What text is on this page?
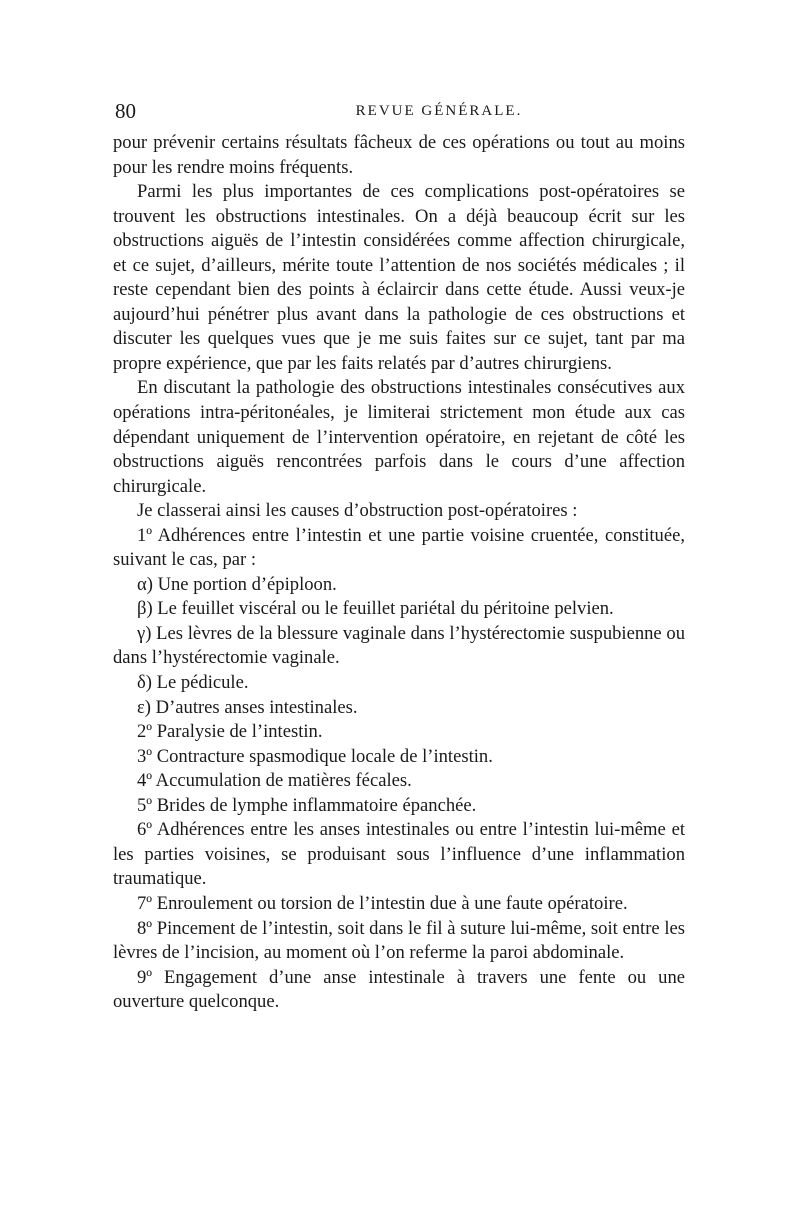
80	REVUE GÉNÉRALE.

pour prévenir certains résultats fâcheux de ces opérations ou tout au moins pour les rendre moins fréquents.

Parmi les plus importantes de ces complications post-opératoires se trouvent les obstructions intestinales. On a déjà beaucoup écrit sur les obstructions aiguës de l’intestin considérées comme affection chirurgicale, et ce sujet, d’ailleurs, mérite toute l’attention de nos sociétés médicales ; il reste cependant bien des points à éclaircir dans cette étude. Aussi veux-je aujourd’hui pénétrer plus avant dans la pathologie de ces obstructions et discuter les quelques vues que je me suis faites sur ce sujet, tant par ma propre expérience, que par les faits relatés par d’autres chirurgiens.

En discutant la pathologie des obstructions intestinales consécutives aux opérations intra-péritonéales, je limiterai strictement mon étude aux cas dépendant uniquement de l’intervention opératoire, en rejetant de côté les obstructions aiguës rencontrées parfois dans le cours d’une affection chirurgicale.

Je classerai ainsi les causes d’obstruction post-opératoires :

1º Adhérences entre l’intestin et une partie voisine cruentée, constituée, suivant le cas, par :

α) Une portion d’épiploon.

β) Le feuillet viscéral ou le feuillet pariétal du péritoine pelvien.

γ) Les lèvres de la blessure vaginale dans l’hystérectomie suspubienne ou dans l’hystérectomie vaginale.

δ) Le pédicule.

ε) D’autres anses intestinales.

2º Paralysie de l’intestin.

3º Contracture spasmodique locale de l’intestin.

4º Accumulation de matières fécales.

5º Brides de lymphe inflammatoire épanchée.

6º Adhérences entre les anses intestinales ou entre l’intestin lui-même et les parties voisines, se produisant sous l’influence d’une inflammation traumatique.

7º Enroulement ou torsion de l’intestin due à une faute opératoire.

8º Pincement de l’intestin, soit dans le fil à suture lui-même, soit entre les lèvres de l’incision, au moment où l’on referme la paroi abdominale.

9º Engagement d’une anse intestinale à travers une fente ou une ouverture quelconque.
